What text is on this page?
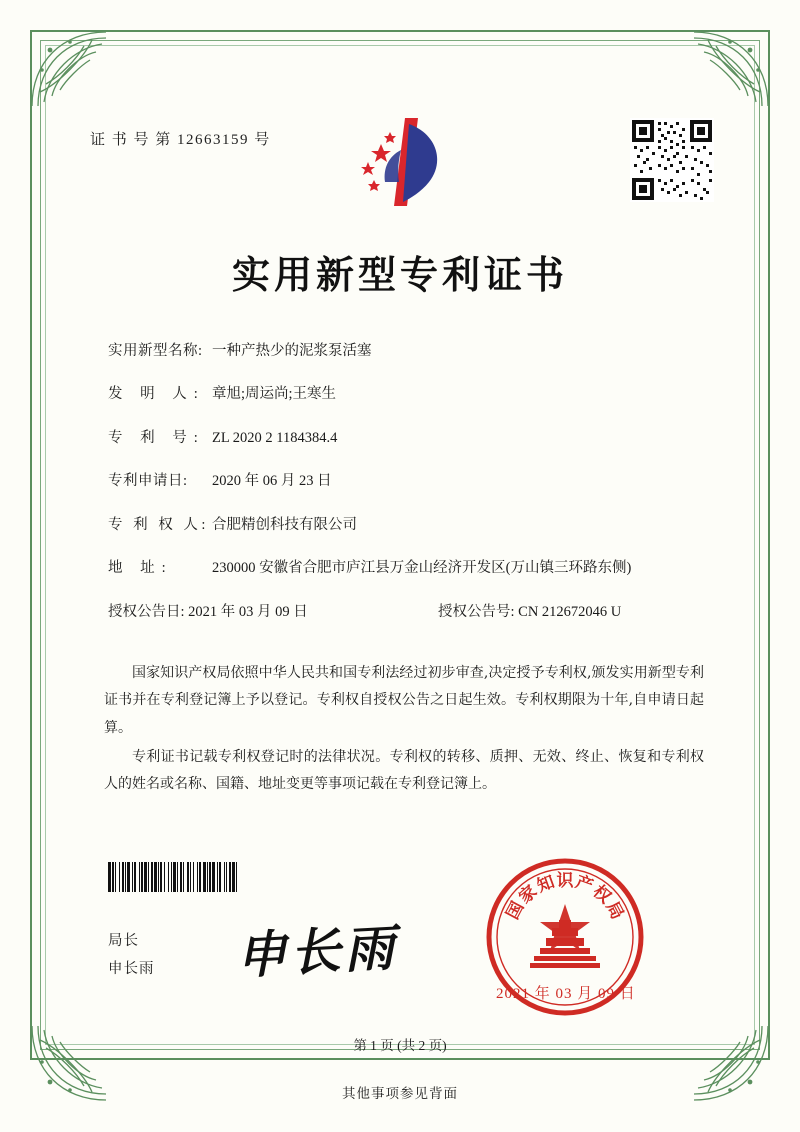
证 书 号 第 12663159 号
实用新型专利证书
实用新型名称: 一种产热少的泥浆泵活塞
发 明 人: 章旭;周运尚;王寒生
专 利 号: ZL 2020 2 1184384.4
专利申请日:	2020 年 06 月 23 日
专 利 权 人: 合肥精创科技有限公司
地 址:	230000 安徽省合肥市庐江县万金山经济开发区(万山镇三环路东侧)
授权公告日: 2021 年 03 月 09 日	授权公告号: CN 212672046 U

国家知识产权局依照中华人民共和国专利法经过初步审查,决定授予专利权,颁发实用新型专利证书并在专利登记簿上予以登记。专利权自授权公告之日起生效。专利权期限为十年,自申请日起算。

专利证书记载专利权登记时的法律状况。专利权的转移、质押、无效、终止、恢复和专利权人的姓名或名称、国籍、地址变更等事项记载在专利登记簿上。

局长
申长雨 申长雨
国
家
知 识 产
权
局
2021 年 03 月 09 日
第 1 页 (共 2 页)
其他事项参见背面
